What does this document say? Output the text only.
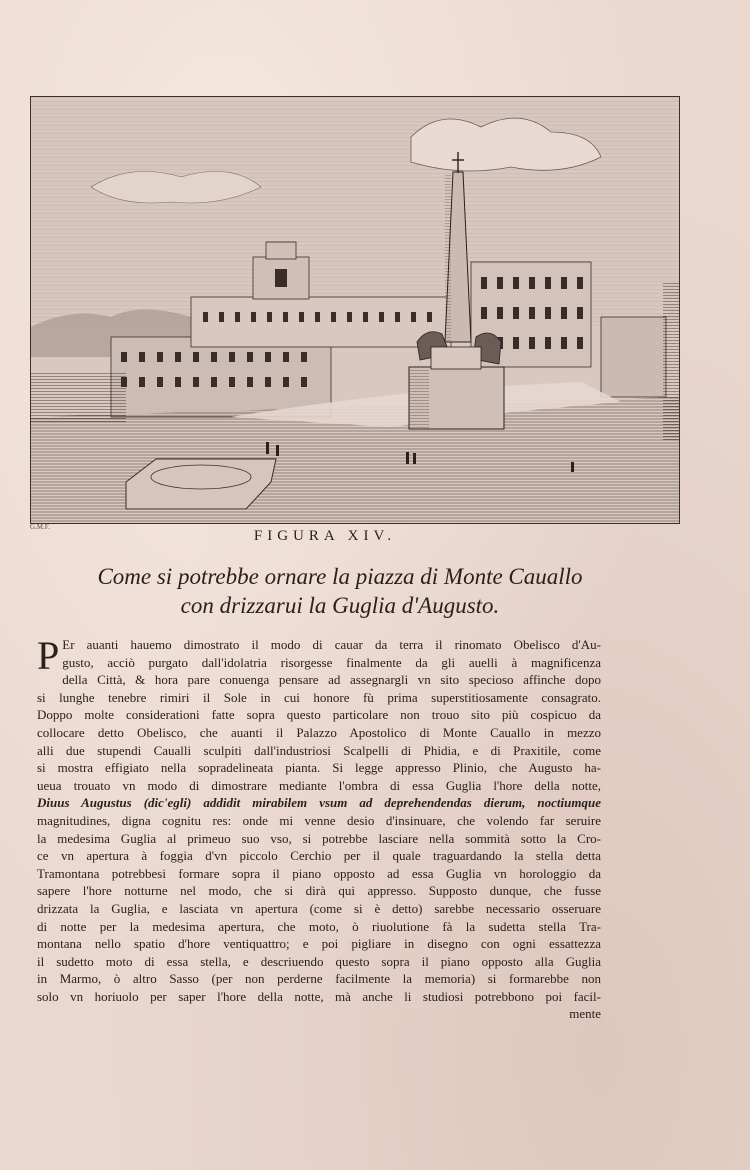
G.M.F.
FIGURA XIV.
Come si potrebbe ornare la piazza di Monte Cauallo
con drizzarui la Guglia d'Augusto.
P Er auanti hauemo dimostrato il modo di cauar da terra il rinomato Obelisco d'Au-
gusto, acciò purgato dall'idolatria risorgesse finalmente da gli auelli à magnificenza
della Città, & hora pare conuenga pensare ad assegnargli vn sito specioso affinche dopo
si lunghe tenebre rimiri il Sole in cui honore fù prima superstitiosamente consagrato.
Doppo molte considerationi fatte sopra questo particolare non trouo sito più cospicuo da
collocare detto Obelisco, che auanti il Palazzo Apostolico di Monte Cauallo in mezzo
alli due stupendi Caualli sculpiti dall'industriosi Scalpelli di Phidia, e di Praxitile, come
si mostra effigiato nella sopradelineata pianta. Si legge appresso Plinio, che Augusto ha-
ueua trouato vn modo di dimostrare mediante l'ombra di essa Guglia l'hore della notte,
Diuus Augustus (dic'egli) addidit mirabilem vsum ad deprehendendas dierum, noctiumque
magnitudines, digna cognitu res: onde mi venne desio d'insinuare, che volendo far seruire
la medesima Guglia al primeuo suo vso, si potrebbe lasciare nella sommità sotto la Cro-
ce vn apertura à foggia d'vn piccolo Cerchio per il quale traguardando la stella detta
Tramontana potrebbesi formare sopra il piano opposto ad essa Guglia vn horologgio da
sapere l'hore notturne nel modo, che si dirà qui appresso. Supposto dunque, che fusse
drizzata la Guglia, e lasciata vn apertura (come si è detto) sarebbe necessario osseruare
di notte per la medesima apertura, che moto, ò riuolutione fà la sudetta stella Tra-
montana nello spatio d'hore ventiquattro; e poi pigliare in disegno con ogni essattezza
il sudetto moto di essa stella, e descriuendo questo sopra il piano opposto alla Guglia
in Marmo, ò altro Sasso (per non perderne facilmente la memoria) si formarebbe non
solo vn horiuolo per saper l'hore della notte, mà anche li studiosi potrebbono poi facil-
mente
